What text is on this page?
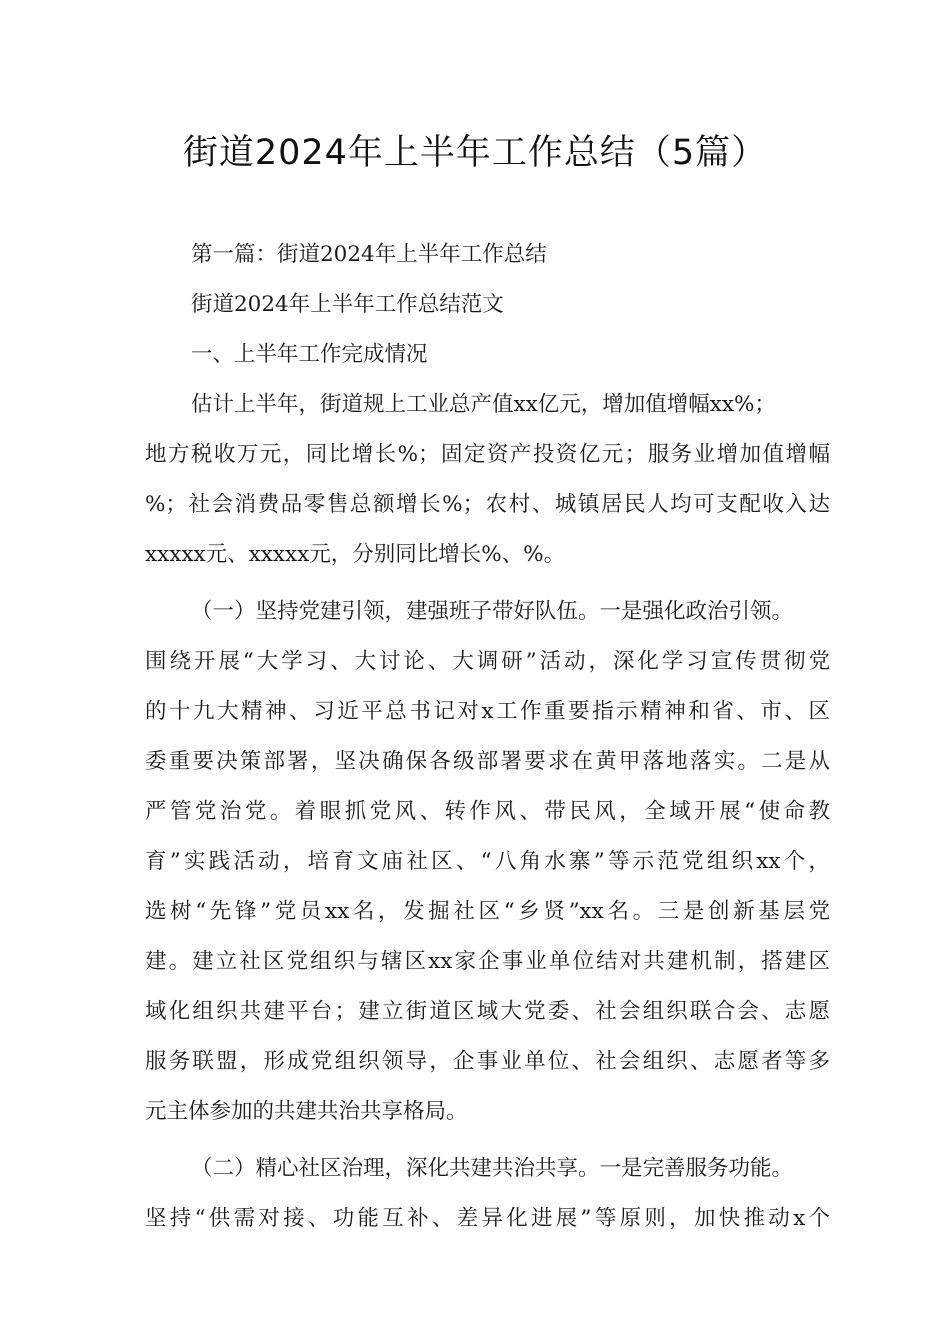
街道2024年上半年工作总结（5篇）
第一篇：街道2024年上半年工作总结
街道2024年上半年工作总结范文
一、上半年工作完成情况
估计上半年，街道规上工业总产值xx亿元，增加值增幅xx%；
地方税收万元，同比增长%；固定资产投资亿元；服务业增加值增幅
%；社会消费品零售总额增长%；农村、城镇居民人均可支配收入达
xxxxx元、xxxxx元，分别同比增长%、%。
（一）坚持党建引领，建强班子带好队伍。一是强化政治引领。
围绕开展“大学习、大讨论、大调研”活动，深化学习宣传贯彻党
的十九大精神、习近平总书记对x工作重要指示精神和省、市、区
委重要决策部署，坚决确保各级部署要求在黄甲落地落实。二是从
严管党治党。着眼抓党风、转作风、带民风，全域开展“使命教
育”实践活动，培育文庙社区、“八角水寨”等示范党组织xx个，
选树“先锋”党员xx名，发掘社区“乡贤”xx名。三是创新基层党
建。建立社区党组织与辖区xx家企事业单位结对共建机制，搭建区
域化组织共建平台；建立街道区域大党委、社会组织联合会、志愿
服务联盟，形成党组织领导，企事业单位、社会组织、志愿者等多
元主体参加的共建共治共享格局。
（二）精心社区治理，深化共建共治共享。一是完善服务功能。
坚持“供需对接、功能互补、差异化进展”等原则，加快推动x个
